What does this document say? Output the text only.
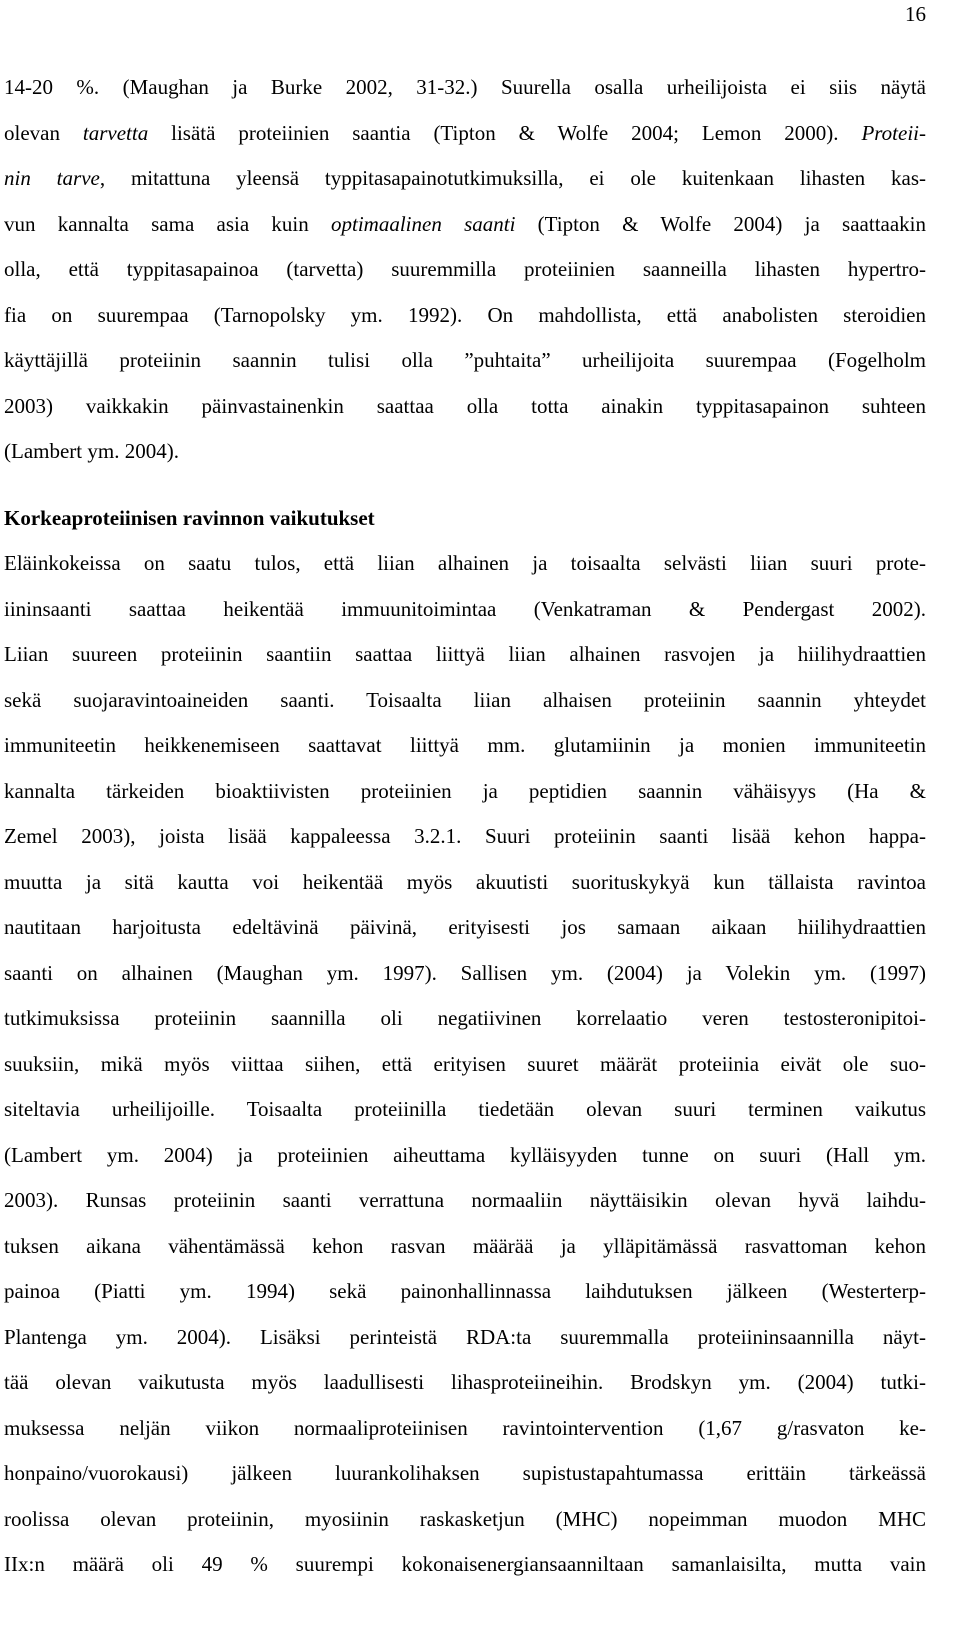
16
14-20 %. (Maughan ja Burke 2002, 31-32.) Suurella osalla urheilijoista ei siis näytä
olevan tarvetta lisätä proteiinien saantia (Tipton & Wolfe 2004; Lemon 2000). Proteii-
nin tarve, mitattuna yleensä typpitasapainotutkimuksilla, ei ole kuitenkaan lihasten kas-
vun kannalta sama asia kuin optimaalinen saanti (Tipton & Wolfe 2004) ja saattaakin
olla, että typpitasapainoa (tarvetta) suuremmilla proteiinien saanneilla lihasten hypertro-
fia on suurempaa (Tarnopolsky ym. 1992). On mahdollista, että anabolisten steroidien
käyttäjillä proteiinin saannin tulisi olla ”puhtaita” urheilijoita suurempaa (Fogelholm
2003) vaikkakin päinvastainenkin saattaa olla totta ainakin typpitasapainon suhteen
(Lambert ym. 2004).
Korkeaproteiinisen ravinnon vaikutukset
Eläinkokeissa on saatu tulos, että liian alhainen ja toisaalta selvästi liian suuri prote-
iininsaanti saattaa heikentää immuunitoimintaa (Venkatraman & Pendergast 2002).
Liian suureen proteiinin saantiin saattaa liittyä liian alhainen rasvojen ja hiilihydraattien
sekä suojaravintoaineiden saanti. Toisaalta liian alhaisen proteiinin saannin yhteydet
immuniteetin heikkenemiseen saattavat liittyä mm. glutamiinin ja monien immuniteetin
kannalta tärkeiden bioaktiivisten proteiinien ja peptidien saannin vähäisyys (Ha &
Zemel 2003), joista lisää kappaleessa 3.2.1. Suuri proteiinin saanti lisää kehon happa-
muutta ja sitä kautta voi heikentää myös akuutisti suorituskykyä kun tällaista ravintoa
nautitaan harjoitusta edeltävinä päivinä, erityisesti jos samaan aikaan hiilihydraattien
saanti on alhainen (Maughan ym. 1997). Sallisen ym. (2004) ja Volekin ym. (1997)
tutkimuksissa proteiinin saannilla oli negatiivinen korrelaatio veren testosteronipitoi-
suuksiin, mikä myös viittaa siihen, että erityisen suuret määrät proteiinia eivät ole suo-
siteltavia urheilijoille. Toisaalta proteiinilla tiedetään olevan suuri terminen vaikutus
(Lambert ym. 2004) ja proteiinien aiheuttama kylläisyyden tunne on suuri (Hall ym.
2003). Runsas proteiinin saanti verrattuna normaaliin näyttäisikin olevan hyvä laihdu-
tuksen aikana vähentämässä kehon rasvan määrää ja ylläpitämässä rasvattoman kehon
painoa (Piatti ym. 1994) sekä painonhallinnassa laihdutuksen jälkeen (Westerterp-
Plantenga ym. 2004). Lisäksi perinteistä RDA:ta suuremmalla proteiininsaannilla näyt-
tää olevan vaikutusta myös laadullisesti lihasproteiineihin. Brodskyn ym. (2004) tutki-
muksessa neljän viikon normaaliproteiinisen ravintointervention (1,67 g/rasvaton ke-
honpaino/vuorokausi) jälkeen luurankolihaksen supistustapahtumassa erittäin tärkeässä
roolissa olevan proteiinin, myosiinin raskasketjun (MHC) nopeimman muodon MHC
IIx:n määrä oli 49 % suurempi kokonaisenergiansaanniltaan samanlaisilta, mutta vain
